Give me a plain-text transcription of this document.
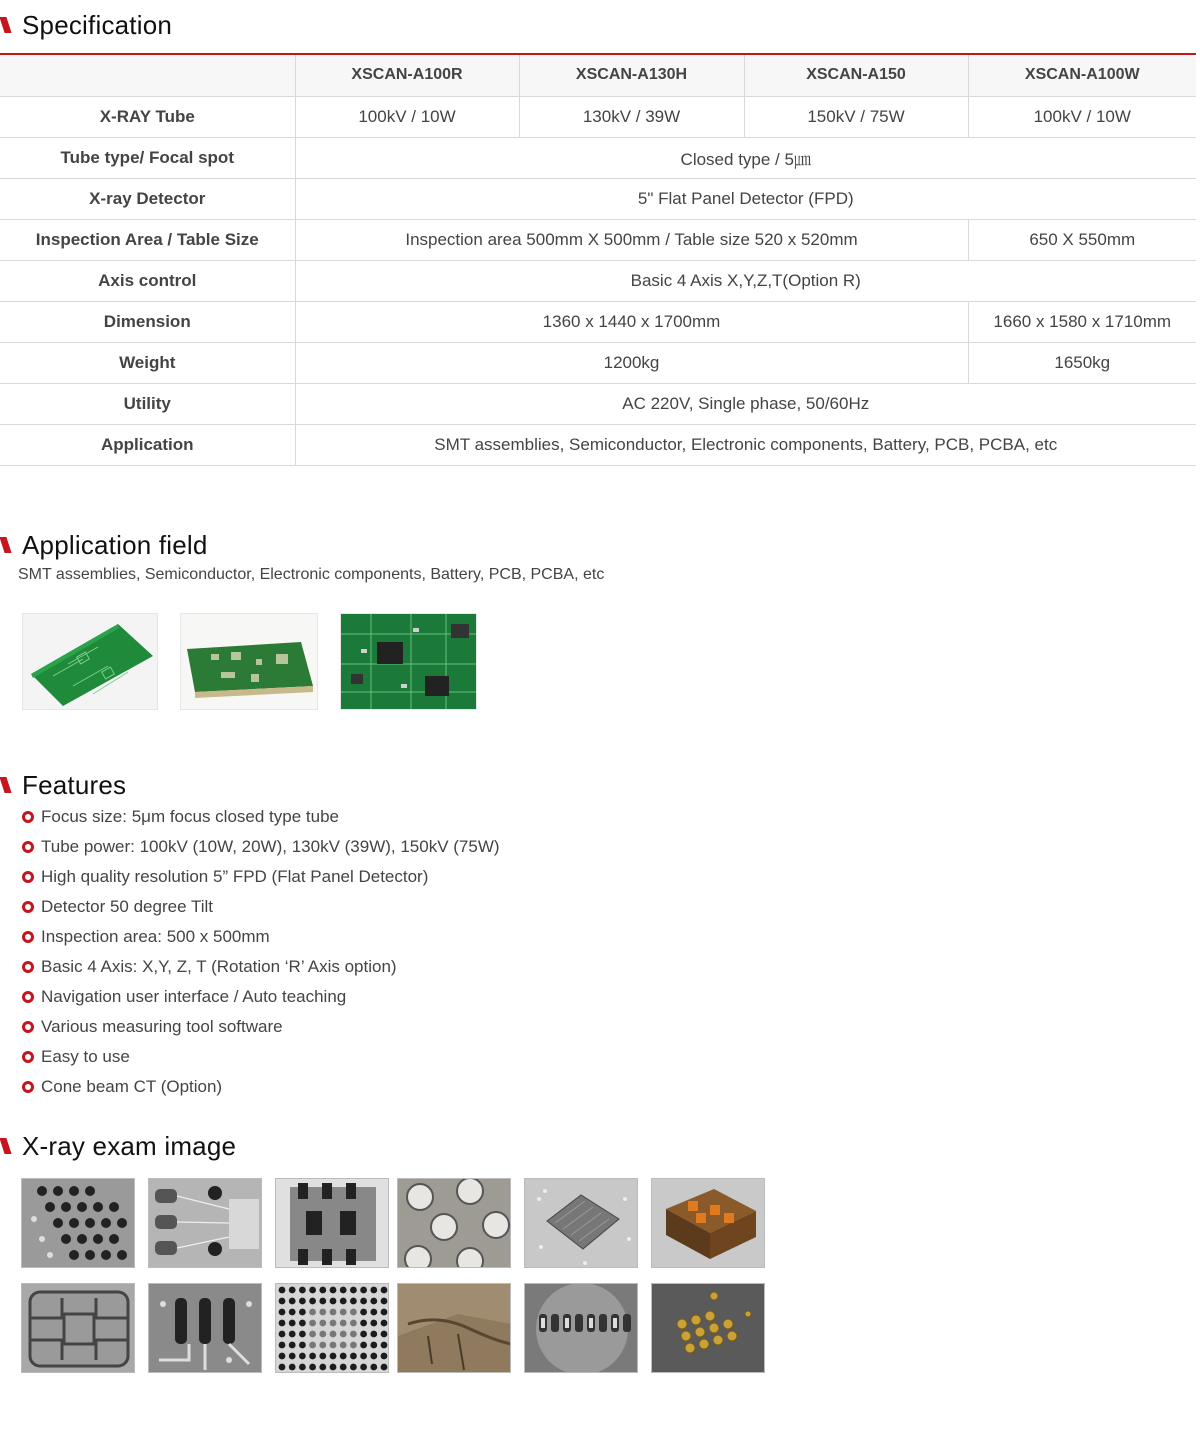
Specification
	XSCAN-A100R	XSCAN-A130H	XSCAN-A150	XSCAN-A100W
X-RAY Tube	100kV / 10W	130kV / 39W	150kV / 75W	100kV / 10W
Tube type/ Focal spot	Closed type / 5㎛			
X-ray Detector	5" Flat Panel Detector (FPD)			
Inspection Area / Table Size	Inspection area 500mm X 500mm / Table size 520 x 520mm			650 X 550mm
Axis control	Basic 4 Axis X,Y,Z,T(Option R)			
Dimension	1360 x 1440 x 1700mm			1660 x 1580 x 1710mm
Weight	1200kg			1650kg
Utility	AC 220V, Single phase, 50/60Hz			
Application	SMT assemblies, Semiconductor, Electronic components, Battery, PCB, PCBA, etc			
Application field
SMT assemblies, Semiconductor, Electronic components, Battery, PCB, PCBA, etc
Features
Focus size: 5μm focus closed type tube
Tube power: 100kV (10W, 20W), 130kV (39W), 150kV (75W)
High quality resolution 5” FPD (Flat Panel Detector)
Detector 50 degree Tilt
Inspection area: 500 x 500mm
Basic 4 Axis: X,Y, Z, T (Rotation ‘R’ Axis option)
Navigation user interface / Auto teaching
Various measuring tool software
Easy to use
Cone beam CT (Option)
X-ray exam image
